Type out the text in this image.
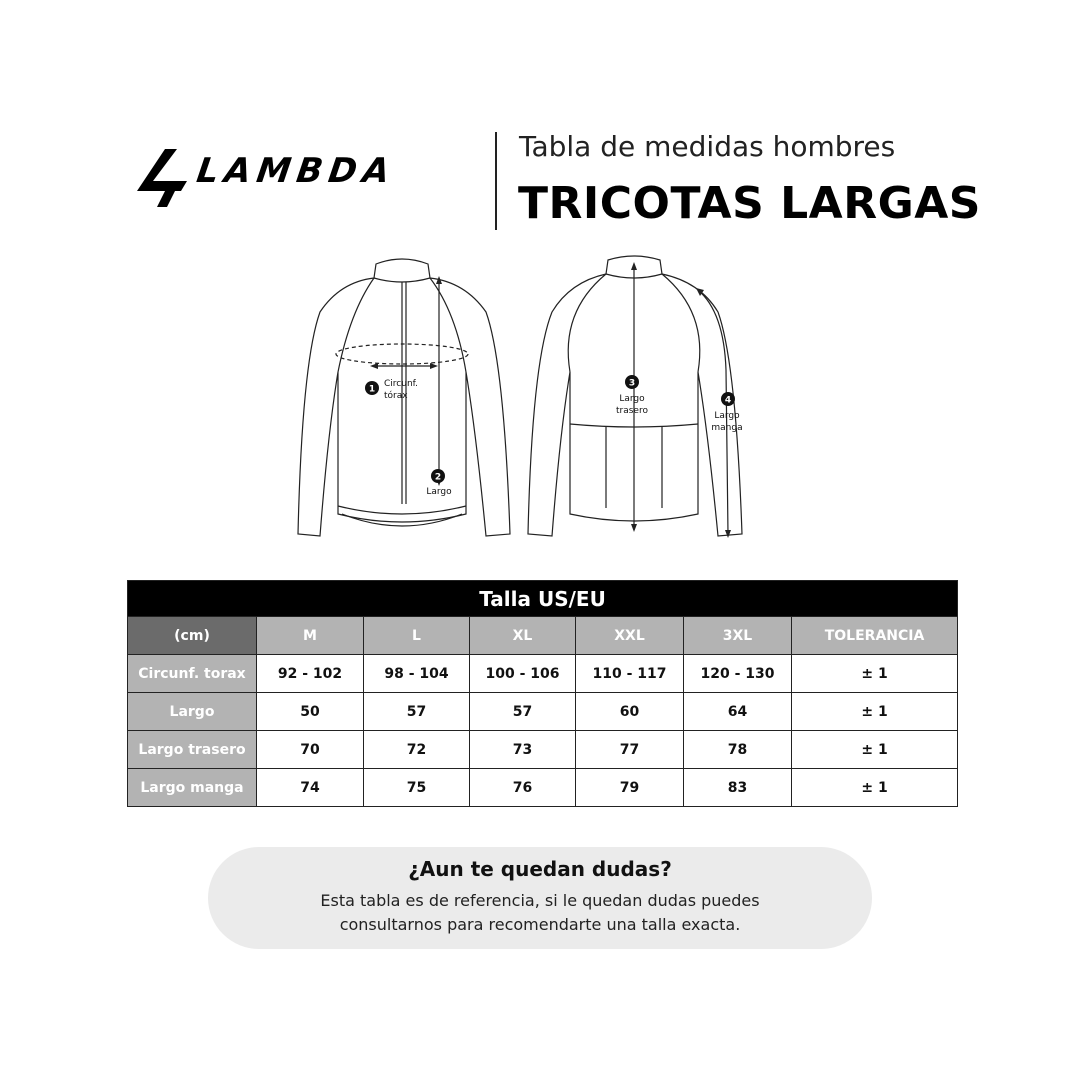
LAMBDA
Tabla de medidas hombres
TRICOTAS LARGAS
1
Circunf.
tórax
2
Largo
3
Largo
trasero
4
Largo
manga
Talla US/EU						
(cm)	M	L	XL	XXL	3XL	TOLERANCIA
Circunf. torax	92 - 102	98 - 104	100 - 106	110 - 117	120 - 130	± 1
Largo	50	57	57	60	64	± 1
Largo trasero	70	72	73	77	78	± 1
Largo manga	74	75	76	79	83	± 1
¿Aun te quedan dudas?
Esta tabla es de referencia, si le quedan dudas puedes
consultarnos para recomendarte una talla exacta.
